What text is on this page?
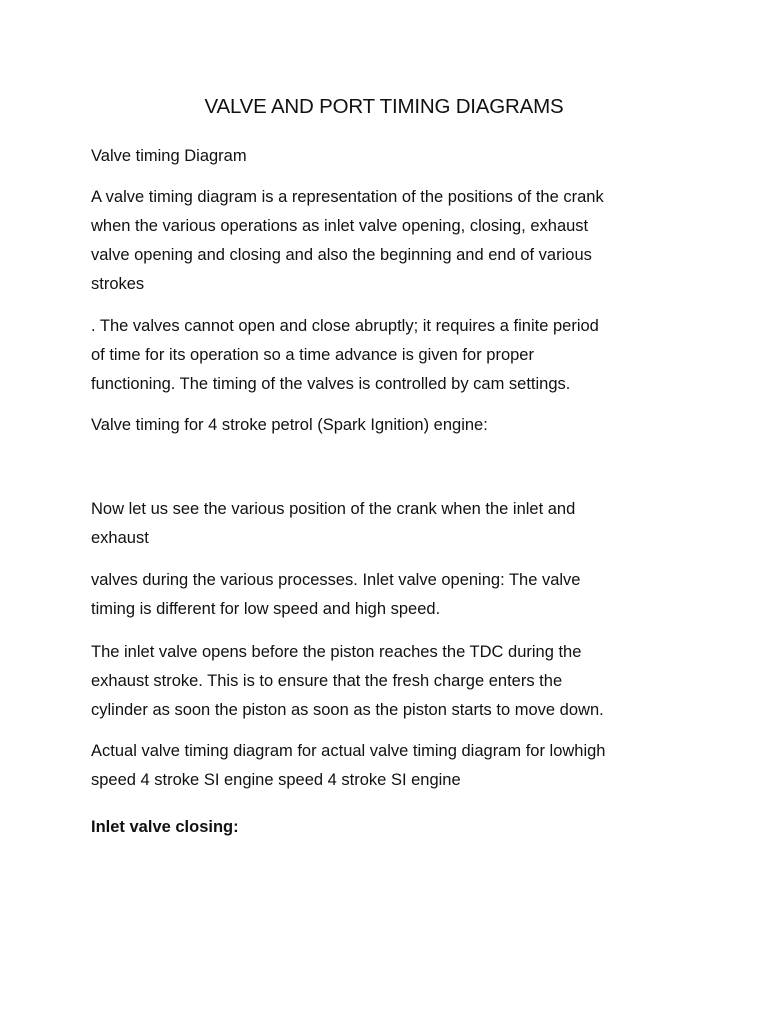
VALVE AND PORT TIMING DIAGRAMS

Valve timing Diagram

A valve timing diagram is a representation of the positions of the crank
when the various operations as inlet valve opening, closing, exhaust
valve opening and closing and also the beginning and end of various
strokes

. The valves cannot open and close abruptly; it requires a finite period
of time for its operation so a time advance is given for proper
functioning. The timing of the valves is controlled by cam settings.

Valve timing for 4 stroke petrol (Spark Ignition) engine:

Now let us see the various position of the crank when the inlet and
exhaust

valves during the various processes. Inlet valve opening: The valve
timing is different for low speed and high speed.

The inlet valve opens before the piston reaches the TDC during the
exhaust stroke. This is to ensure that the fresh charge enters the
cylinder as soon the piston as soon as the piston starts to move down.

Actual valve timing diagram for actual valve timing diagram for lowhigh
speed 4 stroke SI engine speed 4 stroke SI engine

Inlet valve closing:
